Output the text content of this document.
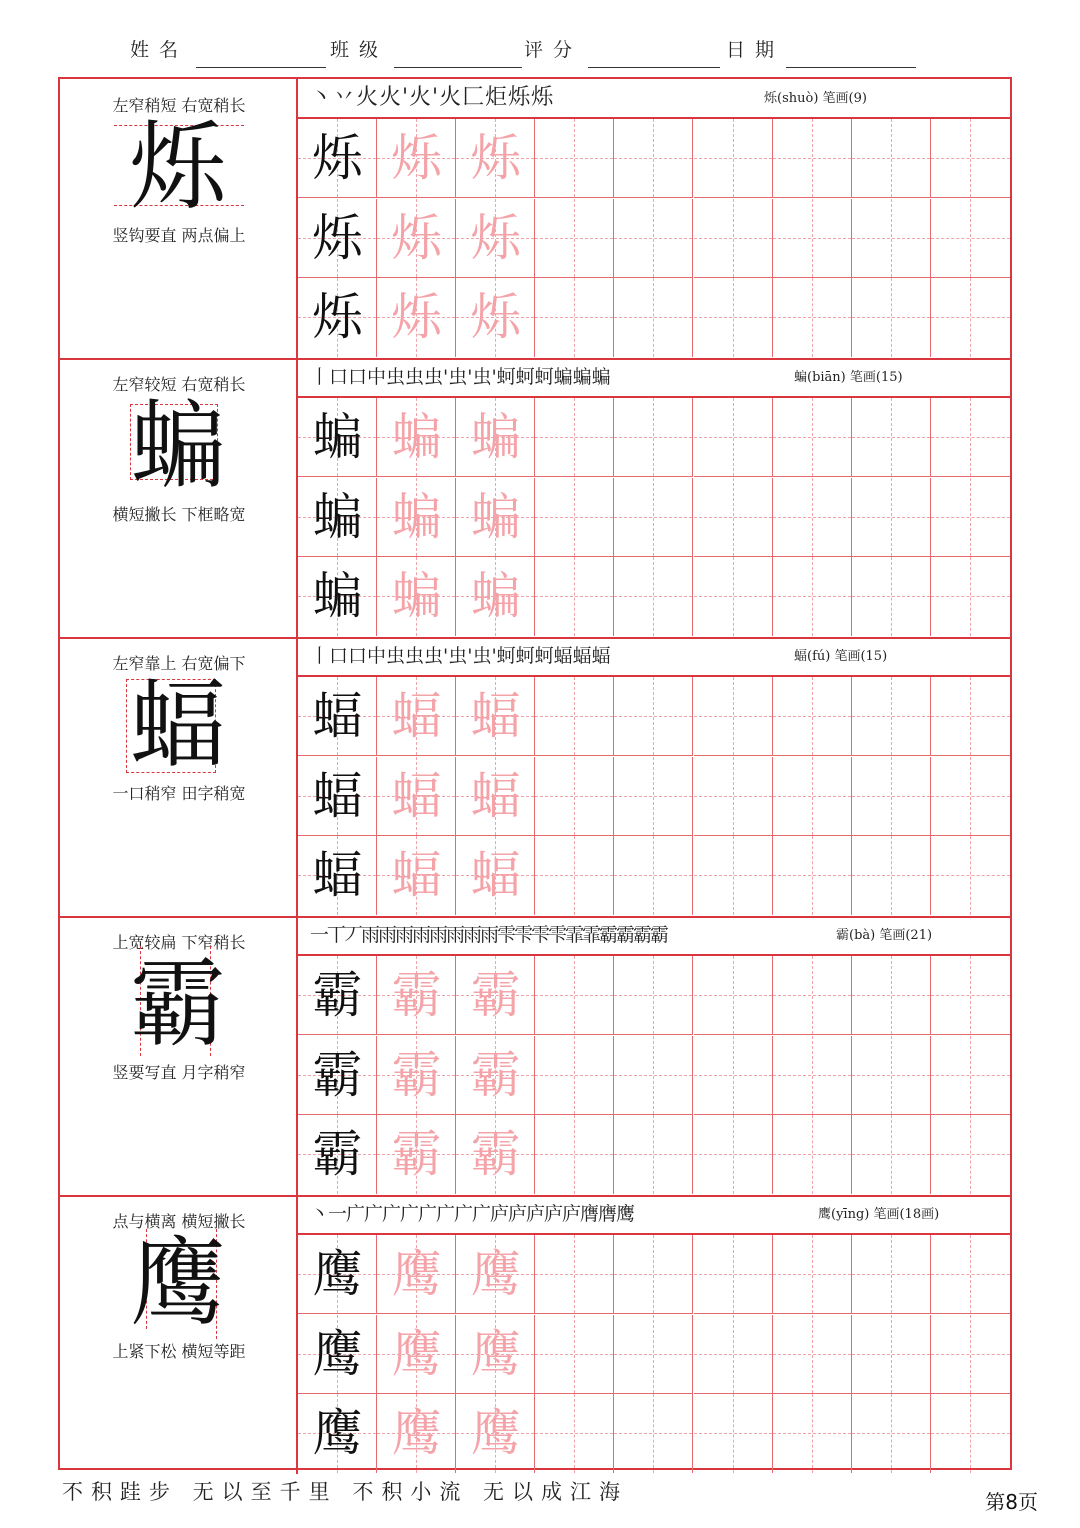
姓名	班级	评分	日期
左窄稍短 右宽稍长
烁
竖钩要直 两点偏上
丶丷火火'火'火匚炬烁烁	烁(shuò) 笔画(9)
烁 烁 烁
烁 烁 烁
烁 烁 烁
左窄较短 右宽稍长
蝙
横短撇长 下框略宽
丨口口中虫虫虫'虫'虫'蚵蚵蚵蝙蝙蝙	蝙(biān) 笔画(15)
蝙 蝙 蝙
蝙 蝙 蝙
蝙 蝙 蝙
左窄靠上 右宽偏下
蝠
一口稍窄 田字稍宽
丨口口中虫虫虫'虫'虫'蚵蚵蚵蝠蝠蝠	蝠(fú) 笔画(15)
蝠 蝠 蝠
蝠 蝠 蝠
蝠 蝠 蝠
上宽较扁 下窄稍长
霸
竖要写直 月字稍窄
一丅丆雨雨雨雨雨雨雨雨雫雫雫雫霏霏霸霸霸霸	霸(bà) 笔画(21)
霸 霸 霸
霸 霸 霸
霸 霸 霸
点与横离 横短撇长
鹰
上紧下松 横短等距
丶一广广广广广广广广庐庐庐庐庐膺膺鹰	鹰(yīng) 笔画(18画)
鹰 鹰 鹰
鹰 鹰 鹰
鹰 鹰 鹰
不积跬步 无以至千里 不积小流 无以成江海	第8页
